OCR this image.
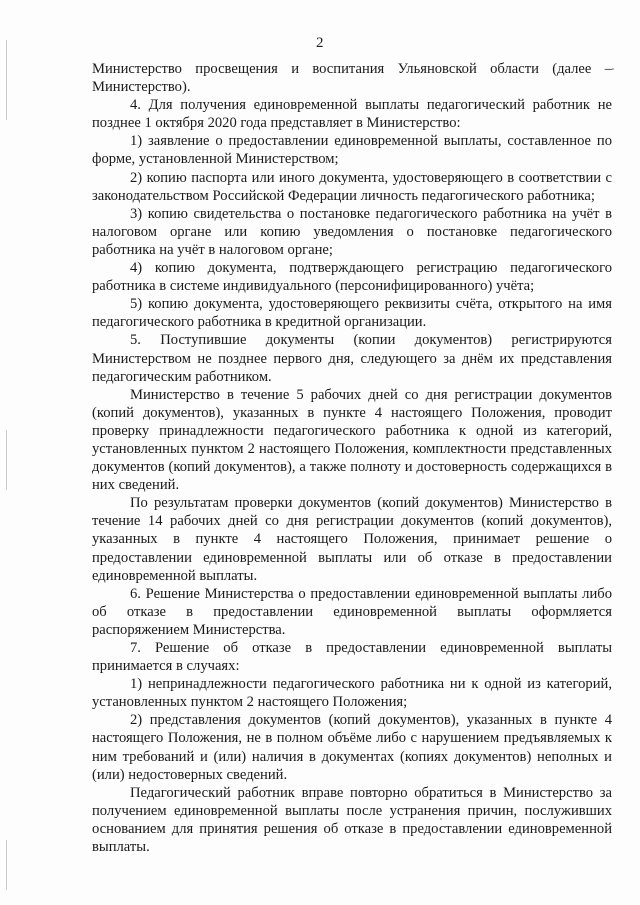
2

Министерство просвещения и воспитания Ульяновской области (далее – Министерство).

4. Для получения единовременной выплаты педагогический работник не позднее 1 октября 2020 года представляет в Министерство:

1) заявление о предоставлении единовременной выплаты, составленное по форме, установленной Министерством;

2) копию паспорта или иного документа, удостоверяющего в соответствии с законодательством Российской Федерации личность педагогического работника;

3) копию свидетельства о постановке педагогического работника на учёт в налоговом органе или копию уведомления о постановке педагогического работника на учёт в налоговом органе;

4) копию документа, подтверждающего регистрацию педагогического работника в системе индивидуального (персонифицированного) учёта;

5) копию документа, удостоверяющего реквизиты счёта, открытого на имя педагогического работника в кредитной организации.

5. Поступившие документы (копии документов) регистрируются Министерством не позднее первого дня, следующего за днём их представления педагогическим работником.

Министерство в течение 5 рабочих дней со дня регистрации документов (копий документов), указанных в пункте 4 настоящего Положения, проводит проверку принадлежности педагогического работника к одной из категорий, установленных пунктом 2 настоящего Положения, комплектности представленных документов (копий документов), а также полноту и достоверность содержащихся в них сведений.

По результатам проверки документов (копий документов) Министерство в течение 14 рабочих дней со дня регистрации документов (копий документов), указанных в пункте 4 настоящего Положения, принимает решение о предоставлении единовременной выплаты или об отказе в предоставлении единовременной выплаты.

6. Решение Министерства о предоставлении единовременной выплаты либо об отказе в предоставлении единовременной выплаты оформляется распоряжением Министерства.

7. Решение об отказе в предоставлении единовременной выплаты принимается в случаях:

1) непринадлежности педагогического работника ни к одной из категорий, установленных пунктом 2 настоящего Положения;

2) представления документов (копий документов), указанных в пункте 4 настоящего Положения, не в полном объёме либо с нарушением предъявляемых к ним требований и (или) наличия в документах (копиях документов) неполных и (или) недостоверных сведений.

Педагогический работник вправе повторно обратиться в Министерство за получением единовременной выплаты после устранения причин, послуживших основанием для принятия решения об отказе в предоставлении единовременной выплаты.
